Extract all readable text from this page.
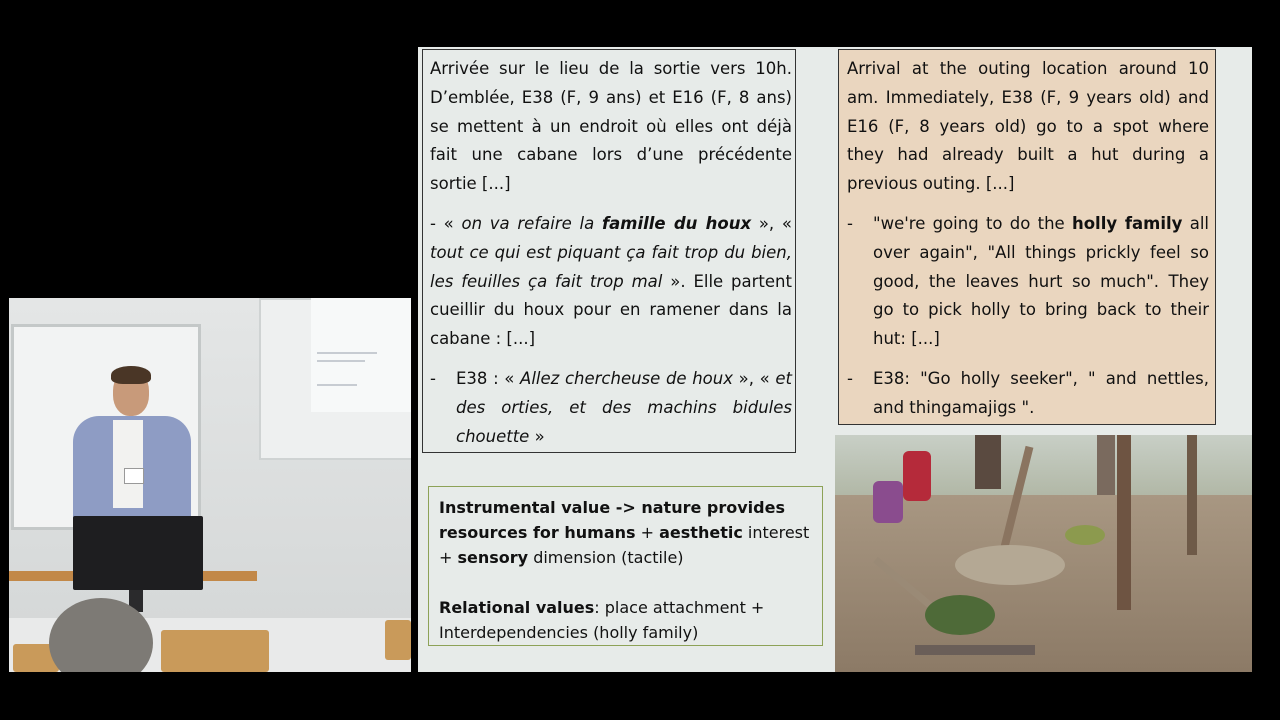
Arrivée sur le lieu de la sortie vers 10h. D’emblée, E38 (F, 9 ans) et E16 (F, 8 ans) se mettent à un endroit où elles ont déjà fait une cabane lors d’une précédente sortie [...]

- « on va refaire la famille du houx », « tout ce qui est piquant ça fait trop du bien, les feuilles ça fait trop mal ». Elle partent cueillir du houx pour en ramener dans la cabane : [...]

- E38 : « Allez chercheuse de houx », « et des orties, et des machins bidules chouette »

Arrival at the outing location around 10 am. Immediately, E38 (F, 9 years old) and E16 (F, 8 years old) go to a spot where they had already built a hut during a previous outing. [...]

- "we're going to do the holly family all over again", "All things prickly feel so good, the leaves hurt so much". They go to pick holly to bring back to their hut: [...]

- E38: "Go holly seeker", " and nettles, and thingamajigs ".

Instrumental value -> nature provides resources for humans + aesthetic interest + sensory dimension (tactile)

Relational values: place attachment + Interdependencies (holly family)
